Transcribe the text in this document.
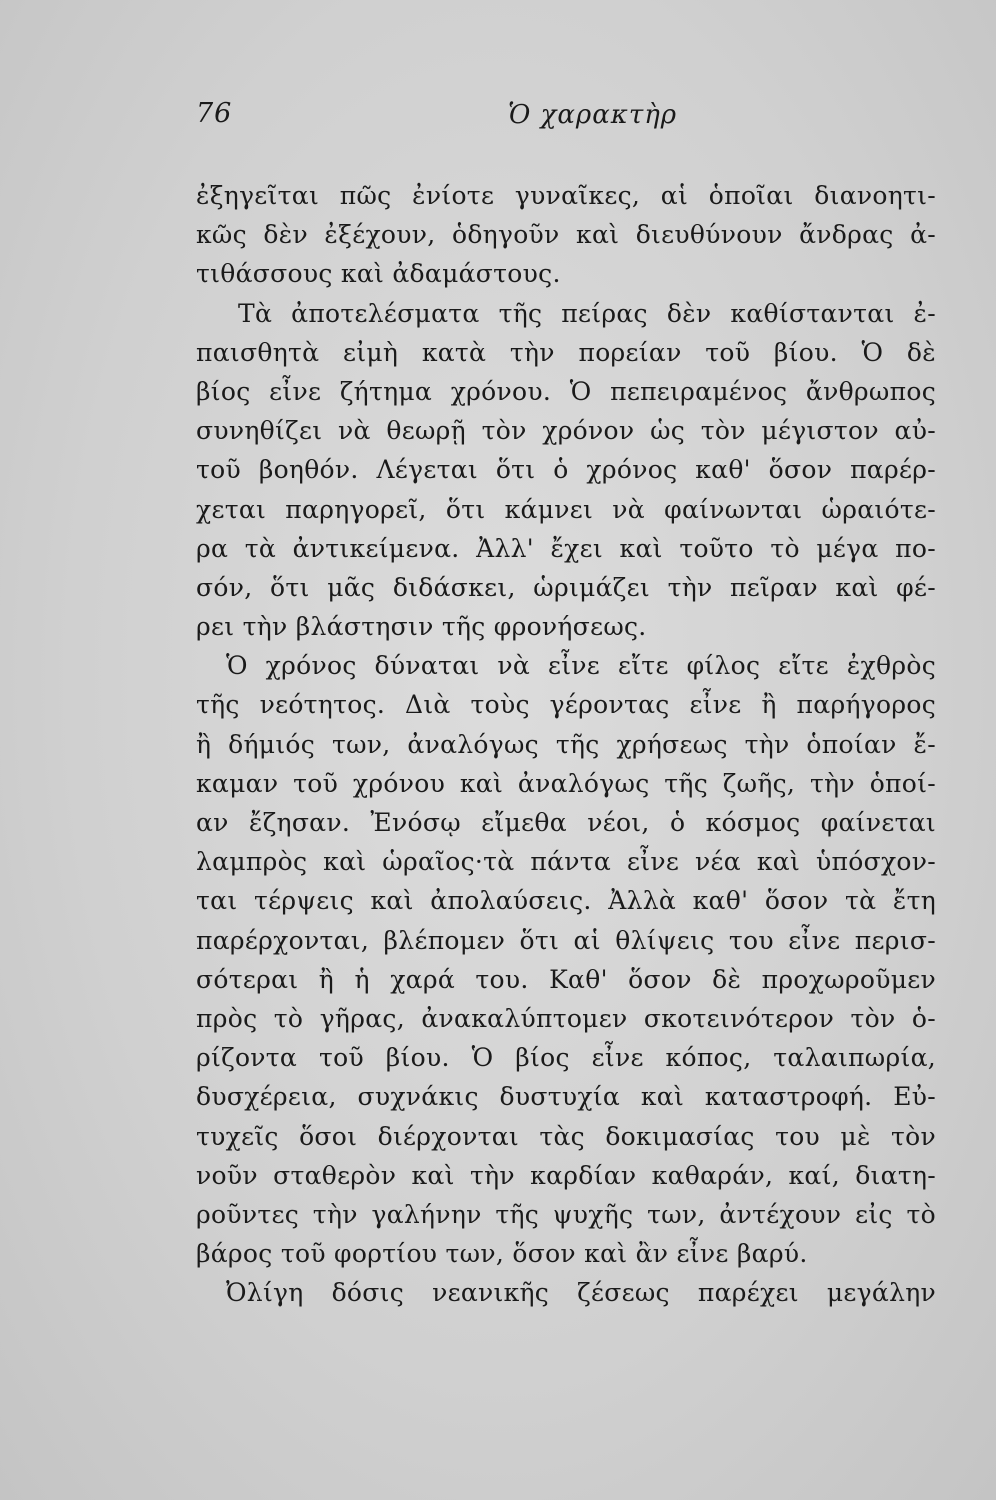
76	Ὁ χαρακτὴρ
ἐξηγεῖται πῶς ἐνίοτε γυναῖκες, αἱ ὁποῖαι διανοητι-
κῶς δὲν ἐξέχουν, ὁδηγοῦν καὶ διευθύνουν ἄνδρας ἀ-
τιθάσσους καὶ ἀδαμάστους.
Τὰ ἀποτελέσματα τῆς πείρας δὲν καθίστανται ἐ-
παισθητὰ εἰμὴ κατὰ τὴν πορείαν τοῦ βίου. Ὁ δὲ
βίος εἶνε ζήτημα χρόνου. Ὁ πεπειραμένος ἄνθρωπος
συνηθίζει νὰ θεωρῇ τὸν χρόνον ὡς τὸν μέγιστον αὐ-
τοῦ βοηθόν. Λέγεται ὅτι ὁ χρόνος καθ' ὅσον παρέρ-
χεται παρηγορεῖ, ὅτι κάμνει νὰ φαίνωνται ὡραιότε-
ρα τὰ ἀντικείμενα. Ἀλλ' ἔχει καὶ τοῦτο τὸ μέγα πο-
σόν, ὅτι μᾶς διδάσκει, ὡριμάζει τὴν πεῖραν καὶ φέ-
ρει τὴν βλάστησιν τῆς φρονήσεως.
Ὁ χρόνος δύναται νὰ εἶνε εἴτε φίλος εἴτε ἐχθρὸς
τῆς νεότητος. Διὰ τοὺς γέροντας εἶνε ἢ παρήγορος
ἢ δήμιός των, ἀναλόγως τῆς χρήσεως τὴν ὁποίαν ἔ-
καμαν τοῦ χρόνου καὶ ἀναλόγως τῆς ζωῆς, τὴν ὁποί-
αν ἔζησαν. Ἐνόσῳ εἴμεθα νέοι, ὁ κόσμος φαίνεται
λαμπρὸς καὶ ὡραῖος·τὰ πάντα εἶνε νέα καὶ ὑπόσχον-
ται τέρψεις καὶ ἀπολαύσεις. Ἀλλὰ καθ' ὅσον τὰ ἔτη
παρέρχονται, βλέπομεν ὅτι αἱ θλίψεις του εἶνε περισ-
σότεραι ἢ ἡ χαρά του. Καθ' ὅσον δὲ προχωροῦμεν
πρὸς τὸ γῆρας, ἀνακαλύπτομεν σκοτεινότερον τὸν ὁ-
ρίζοντα τοῦ βίου. Ὁ βίος εἶνε κόπος, ταλαιπωρία,
δυσχέρεια, συχνάκις δυστυχία καὶ καταστροφή. Εὐ-
τυχεῖς ὅσοι διέρχονται τὰς δοκιμασίας του μὲ τὸν
νοῦν σταθερὸν καὶ τὴν καρδίαν καθαράν, καί, διατη-
ροῦντες τὴν γαλήνην τῆς ψυχῆς των, ἀντέχουν εἰς τὸ
βάρος τοῦ φορτίου των, ὅσον καὶ ἂν εἶνε βαρύ.
Ὀλίγη δόσις νεανικῆς ζέσεως παρέχει μεγάλην
